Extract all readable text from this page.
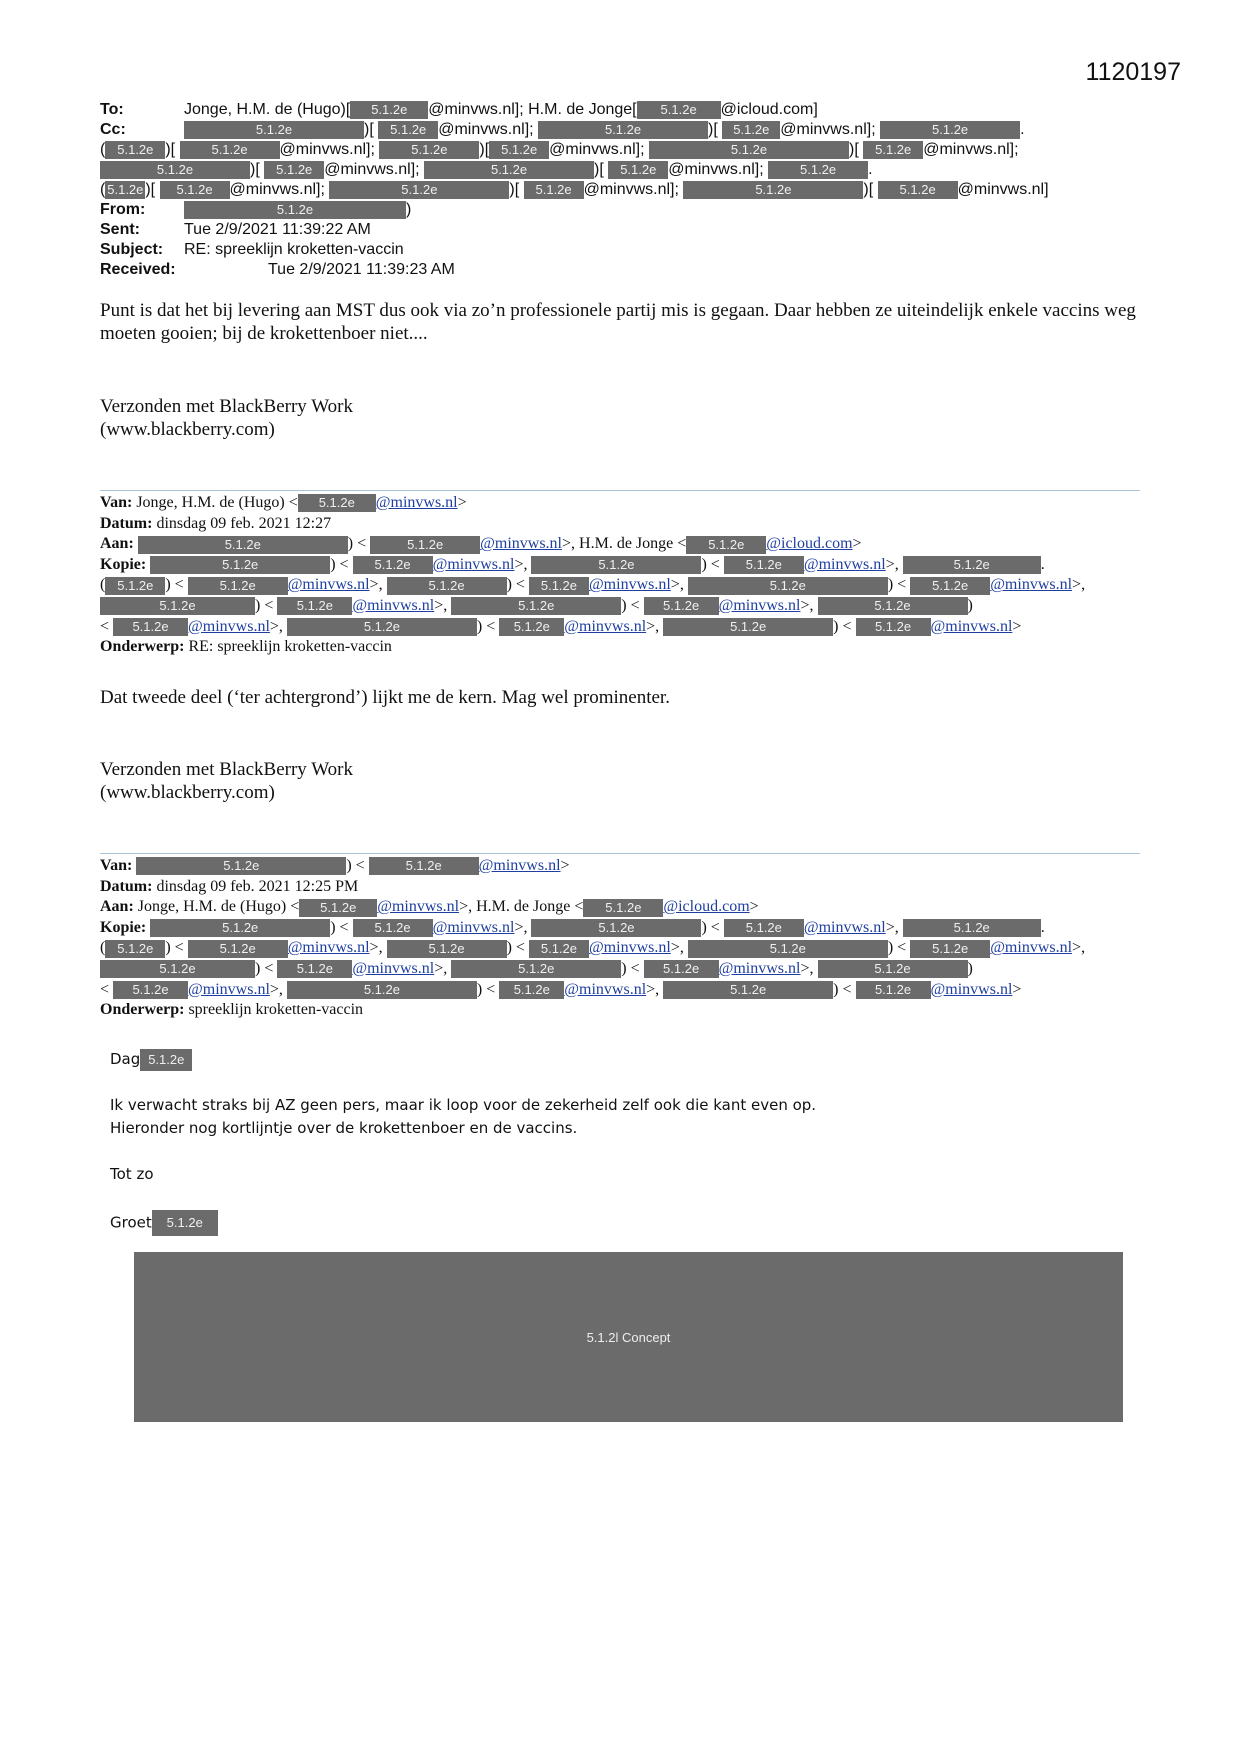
1120197
To:	Jonge, H.M. de (Hugo)[ 5.1.2e @minvws.nl]; H.M. de Jonge[ 5.1.2e @icloud.com]
Cc:	5.1.2e	)[ 5.1.2e @minvws.nl];	5.1.2e	)[ 5.1.2e @minvws.nl];	5.1.2e	.
( 5.1.2e )[ 5.1.2e @minvws.nl];	5.1.2e )[ 5.1.2e @minvws.nl];	5.1.2e	)[ 5.1.2e @minvws.nl];
5.1.2e	)[ 5.1.2e @minvws.nl];	5.1.2e	)[ 5.1.2e @minvws.nl];	5.1.2e .
( 5.1.2e )[ 5.1.2e @minvws.nl];	5.1.2e	)[ 5.1.2e @minvws.nl];	5.1.2e	)[ 5.1.2e @minvws.nl]
From:	5.1.2e	)
Sent:	Tue 2/9/2021 11:39:22 AM
Subject: RE: spreeklijn kroketten-vaccin
Received:	Tue 2/9/2021 11:39:23 AM
Punt is dat het bij levering aan MST dus ook via zo’n professionele partij mis is gegaan. Daar hebben ze uiteindelijk enkele vaccins weg moeten gooien; bij de krokettenboer niet....
Verzonden met BlackBerry Work
(www.blackberry.com)
Van: Jonge, H.M. de (Hugo) < 5.1.2e @minvws.nl>
Datum: dinsdag 09 feb. 2021 12:27
Aan:	5.1.2e	) <	5.1.2e @minvws.nl>, H.M. de Jonge < 5.1.2e @icloud.com>
Kopie:	5.1.2e	) < 5.1.2e @minvws.nl>,	5.1.2e	) < 5.1.2e @minvws.nl>,	5.1.2e	.
( 5.1.2e ) < 5.1.2e @minvws.nl>,	5.1.2e	) < 5.1.2e @minvws.nl>,	5.1.2e	) < 5.1.2e @minvws.nl>,
5.1.2e	) < 5.1.2e @minvws.nl>,	5.1.2e	) < 5.1.2e @minvws.nl>,	5.1.2e	)
< 5.1.2e @minvws.nl>,	5.1.2e	) < 5.1.2e @minvws.nl>,	5.1.2e	) < 5.1.2e @minvws.nl>
Onderwerp: RE: spreeklijn kroketten-vaccin
Dat tweede deel (‘ter achtergrond’) lijkt me de kern. Mag wel prominenter.
Verzonden met BlackBerry Work
(www.blackberry.com)
Van:	5.1.2e	) <	5.1.2e @minvws.nl>
Datum: dinsdag 09 feb. 2021 12:25 PM
Aan: Jonge, H.M. de (Hugo) < 5.1.2e @minvws.nl>, H.M. de Jonge < 5.1.2e @icloud.com>
Kopie:	5.1.2e	) < 5.1.2e @minvws.nl>,	5.1.2e	) < 5.1.2e @minvws.nl>,	5.1.2e	.
( 5.1.2e ) < 5.1.2e @minvws.nl>,	5.1.2e	) < 5.1.2e @minvws.nl>,	5.1.2e	) < 5.1.2e @minvws.nl>,
5.1.2e	) < 5.1.2e @minvws.nl>,	5.1.2e	) < 5.1.2e @minvws.nl>,	5.1.2e	)
< 5.1.2e @minvws.nl>,	5.1.2e	) < 5.1.2e @minvws.nl>,	5.1.2e	) < 5.1.2e @minvws.nl>
Onderwerp: spreeklijn kroketten-vaccin
Dag 5.1.2e
Ik verwacht straks bij AZ geen pers, maar ik loop voor de zekerheid zelf ook die kant even op.
Hieronder nog kortlijntje over de krokettenboer en de vaccins.
Tot zo
Groet 5.1.2e
5.1.2l Concept
